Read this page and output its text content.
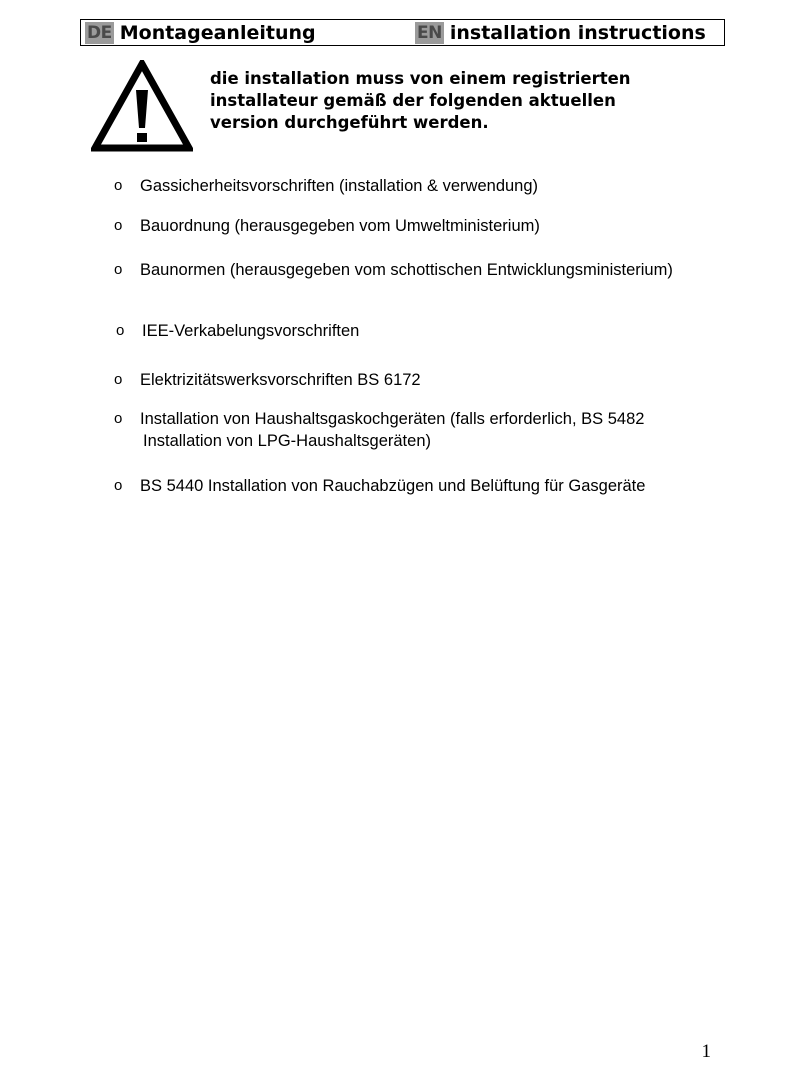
DE Montageanleitung	EN installation instructions
die installation muss von einem registrierten
installateur gemäß der folgenden aktuellen
version durchgeführt werden.
o	Gassicherheitsvorschriften (installation & verwendung)
o	Bauordnung (herausgegeben vom Umweltministerium)
o	Baunormen (herausgegeben vom schottischen Entwicklungsministerium)
o	IEE-Verkabelungsvorschriften
o	Elektrizitätswerksvorschriften BS 6172
o	Installation von Haushaltsgaskochgeräten (falls erforderlich, BS 5482
Installation von LPG-Haushaltsgeräten)
o	BS 5440 Installation von Rauchabzügen und Belüftung für Gasgeräte
1
